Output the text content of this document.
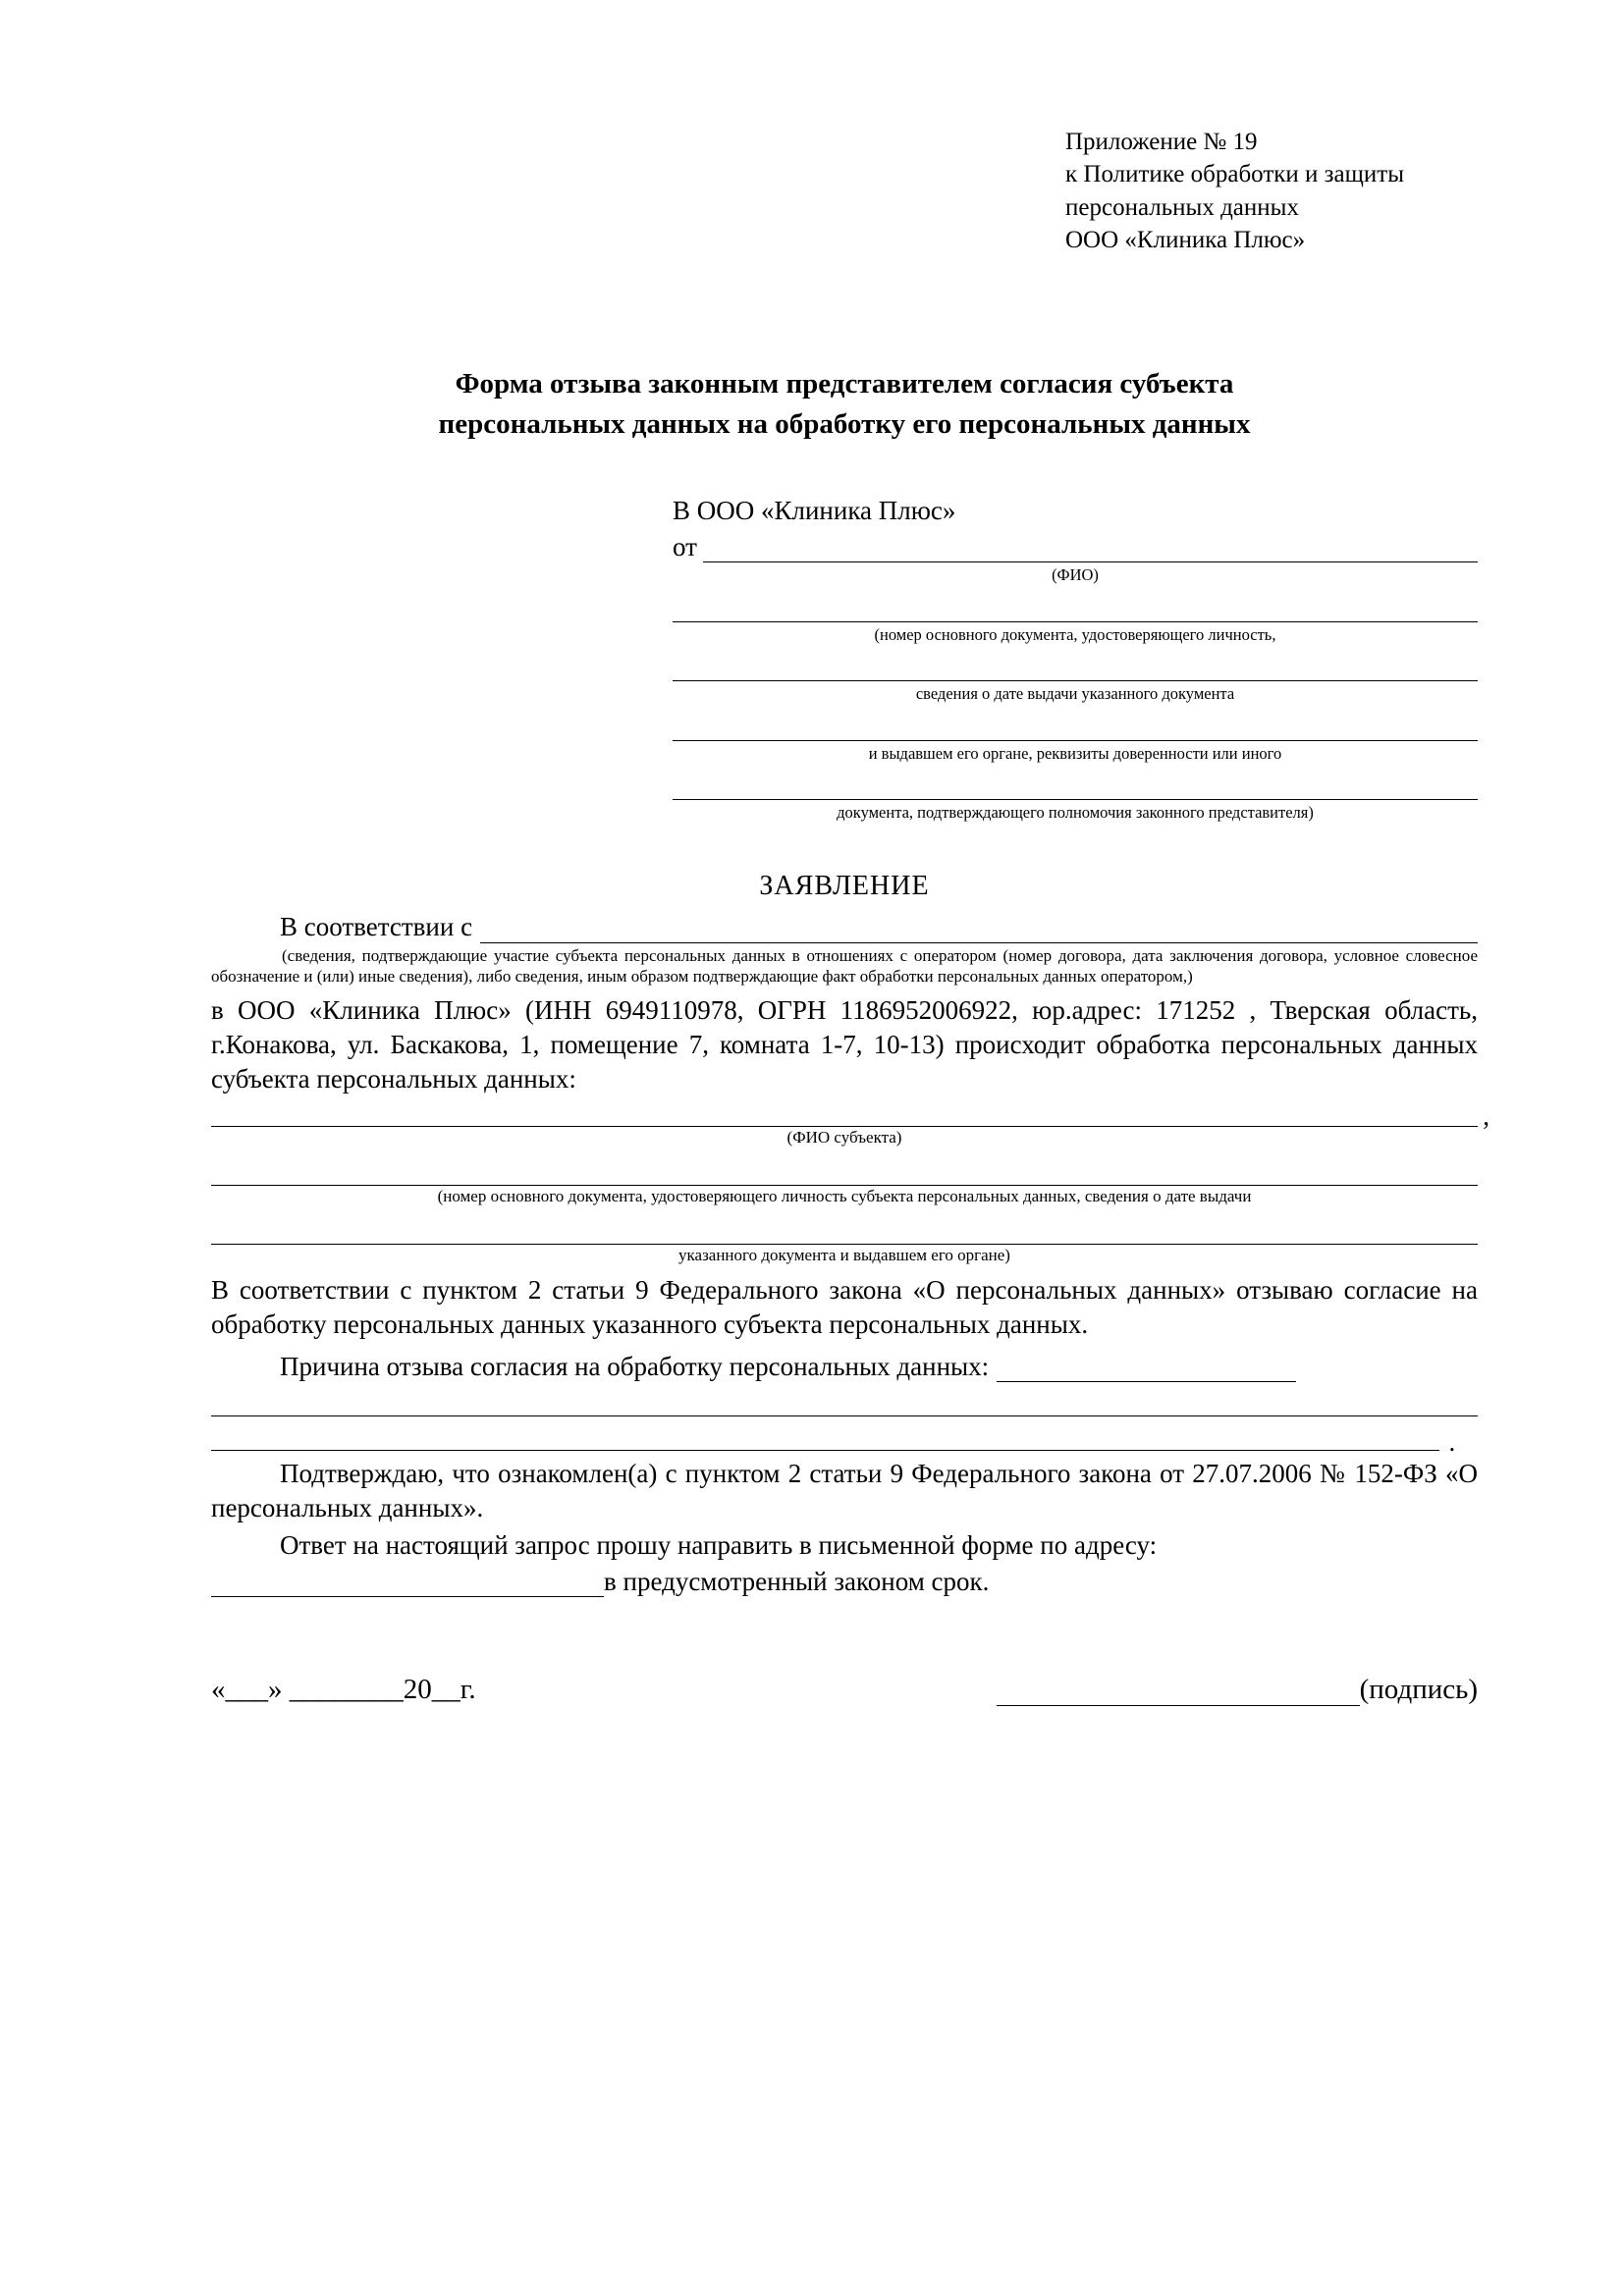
Приложение № 19
к Политике обработки и защиты
персональных данных
ООО «Клиника Плюс»
Форма отзыва законным представителем согласия субъекта
персональных данных на обработку его персональных данных
В ООО «Клиника Плюс»
от
(ФИО)
(номер основного документа, удостоверяющего личность,
сведения о дате выдачи указанного документа
и выдавшем его органе, реквизиты доверенности или иного
документа, подтверждающего полномочия законного представителя)
ЗАЯВЛЕНИЕ
В соответствии с
(сведения, подтверждающие участие субъекта персональных данных в отношениях с оператором (номер договора, дата заключения договора, условное словесное обозначение и (или) иные сведения), либо сведения, иным образом подтверждающие факт обработки персональных данных оператором,)
в ООО «Клиника Плюс» (ИНН 6949110978, ОГРН 1186952006922, юр.адрес: 171252 , Тверская область, г.Конакова, ул. Баскакова, 1, помещение 7, комната 1-7, 10-13) происходит обработка персональных данных субъекта персональных данных:
,
(ФИО субъекта)
(номер основного документа, удостоверяющего личность субъекта персональных данных, сведения о дате выдачи
указанного документа и выдавшем его органе)
В соответствии с пунктом 2 статьи 9 Федерального закона «О персональных данных» отзываю согласие на обработку персональных данных указанного субъекта персональных данных.
Причина отзыва согласия на обработку персональных данных:
.
Подтверждаю, что ознакомлен(а) с пунктом 2 статьи 9 Федерального закона от 27.07.2006 № 152-ФЗ «О персональных данных».
Ответ на настоящий запрос прошу направить в письменной форме по адресу:
в предусмотренный законом срок.
«___» ________20__г.	(подпись)
